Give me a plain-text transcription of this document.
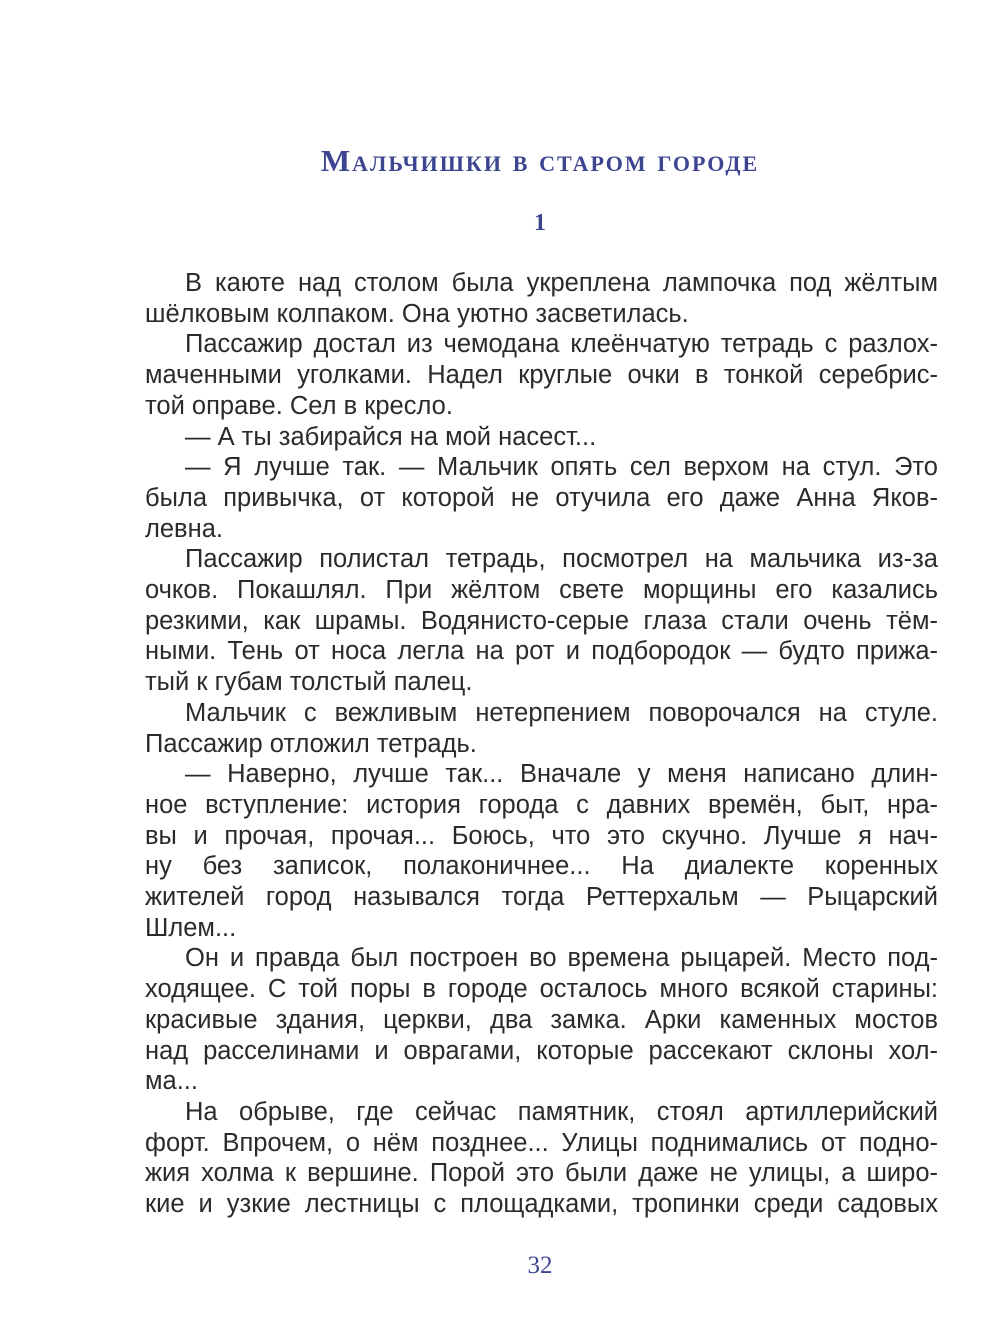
Мальчишки в старом городе
1
В каюте над столом была укреплена лампочка под жёлтым
шёлковым колпаком. Она уютно засветилась.
Пассажир достал из чемодана клеёнчатую тетрадь с разлох-
маченными уголками. Надел круглые очки в тонкой серебрис-
той оправе. Сел в кресло.
— А ты забирайся на мой насест...
— Я лучше так. — Мальчик опять сел верхом на стул. Это
была привычка, от которой не отучила его даже Анна Яков-
левна.
Пассажир полистал тетрадь, посмотрел на мальчика из-за
очков. Покашлял. При жёлтом свете морщины его казались
резкими, как шрамы. Водянисто-серые глаза стали очень тём-
ными. Тень от носа легла на рот и подбородок — будто прижа-
тый к губам толстый палец.
Мальчик с вежливым нетерпением поворочался на стуле.
Пассажир отложил тетрадь.
— Наверно, лучше так... Вначале у меня написано длин-
ное вступление: история города с давних времён, быт, нра-
вы и прочая, прочая... Боюсь, что это скучно. Лучше я нач-
ну без записок, полаконичнее... На диалекте коренных
жителей город назывался тогда Реттерхальм — Рыцарский
Шлем...
Он и правда был построен во времена рыцарей. Место под-
ходящее. С той поры в городе осталось много всякой старины:
красивые здания, церкви, два замка. Арки каменных мостов
над расселинами и оврагами, которые рассекают склоны хол-
ма...
На обрыве, где сейчас памятник, стоял артиллерийский
форт. Впрочем, о нём позднее... Улицы поднимались от подно-
жия холма к вершине. Порой это были даже не улицы, а широ-
кие и узкие лестницы с площадками, тропинки среди садовых
32
